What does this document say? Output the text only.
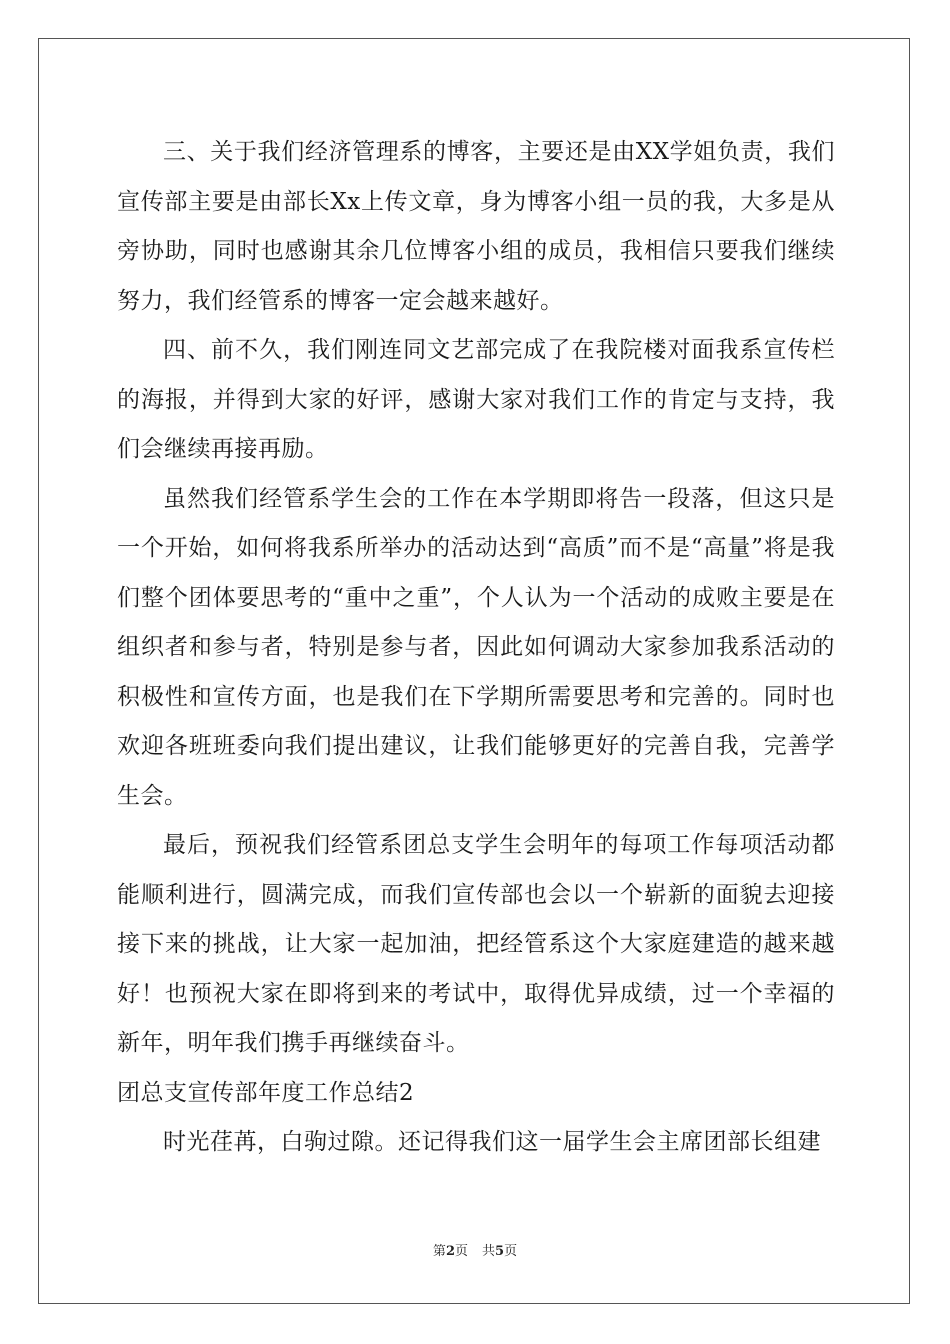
三、关于我们经济管理系的博客，主要还是由XX学姐负责，我们宣传部主要是由部长Xx上传文章，身为博客小组一员的我，大多是从旁协助，同时也感谢其余几位博客小组的成员，我相信只要我们继续努力，我们经管系的博客一定会越来越好。

四、前不久，我们刚连同文艺部完成了在我院楼对面我系宣传栏的海报，并得到大家的好评，感谢大家对我们工作的肯定与支持，我们会继续再接再励。

虽然我们经管系学生会的工作在本学期即将告一段落，但这只是一个开始，如何将我系所举办的活动达到“高质”而不是“高量”将是我们整个团体要思考的“重中之重”，个人认为一个活动的成败主要是在组织者和参与者，特别是参与者，因此如何调动大家参加我系活动的积极性和宣传方面，也是我们在下学期所需要思考和完善的。同时也欢迎各班班委向我们提出建议，让我们能够更好的完善自我，完善学生会。

最后，预祝我们经管系团总支学生会明年的每项工作每项活动都能顺利进行，圆满完成，而我们宣传部也会以一个崭新的面貌去迎接接下来的挑战，让大家一起加油，把经管系这个大家庭建造的越来越好！也预祝大家在即将到来的考试中，取得优异成绩，过一个幸福的新年，明年我们携手再继续奋斗。

团总支宣传部年度工作总结2

时光荏苒，白驹过隙。还记得我们这一届学生会主席团部长组建

第2页 共5页
